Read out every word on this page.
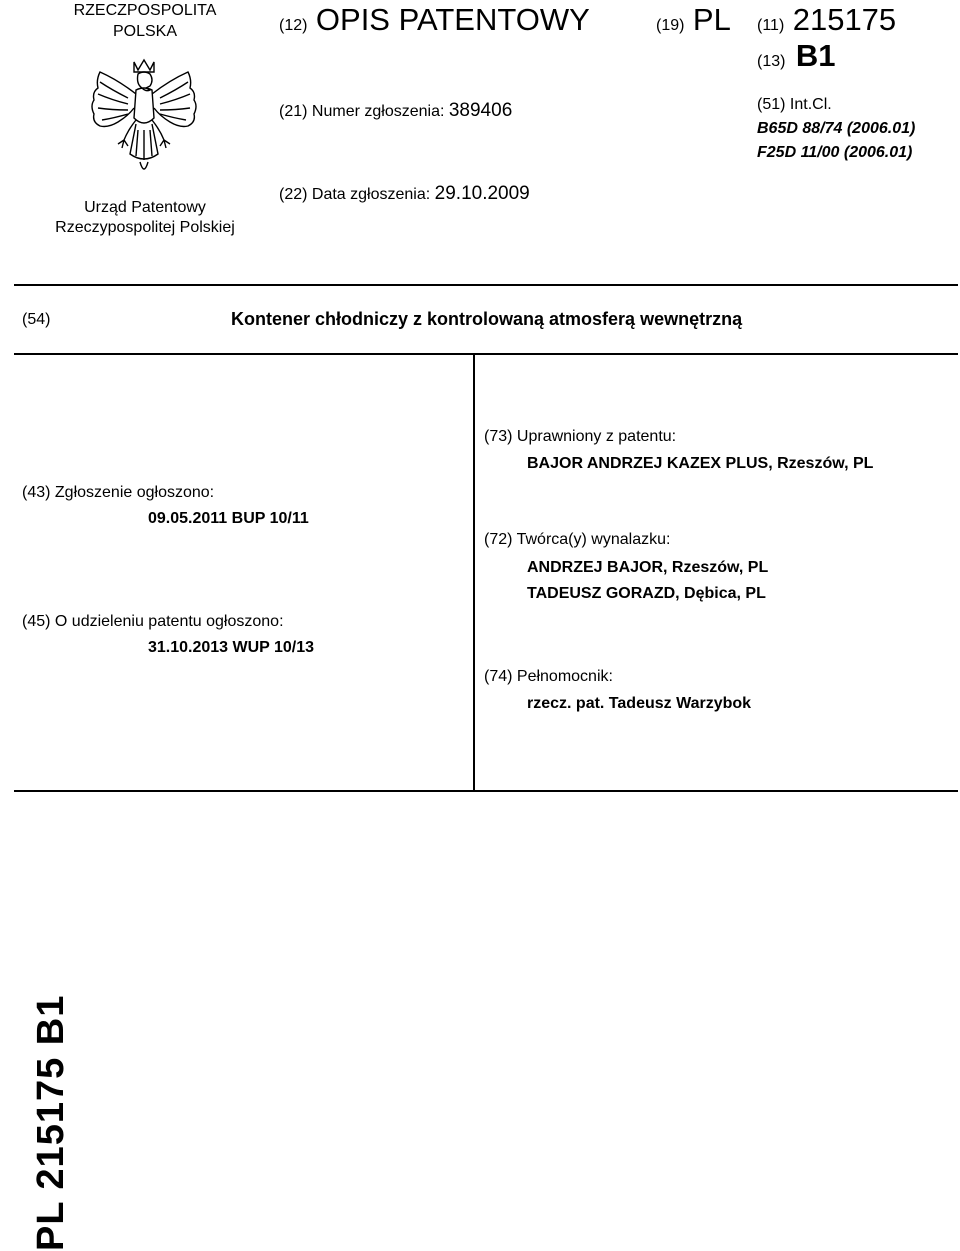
RZECZPOSPOLITA POLSKA
Urząd Patentowy Rzeczypospolitej Polskiej
(12) OPIS PATENTOWY	(19) PL (11) 215175
(13) B1
(21) Numer zgłoszenia: 389406	(51) Int.Cl.
B65D 88/74 (2006.01)
F25D 11/00 (2006.01)
(22) Data zgłoszenia: 29.10.2009
(54)	Kontener chłodniczy z kontrolowaną atmosferą wewnętrzną
(43) Zgłoszenie ogłoszono:
09.05.2011 BUP 10/11
(45) O udzieleniu patentu ogłoszono:
31.10.2013 WUP 10/13
(73) Uprawniony z patentu:
BAJOR ANDRZEJ KAZEX PLUS, Rzeszów, PL
(72) Twórca(y) wynalazku:
ANDRZEJ BAJOR, Rzeszów, PL
TADEUSZ GORAZD, Dębica, PL
(74) Pełnomocnik:
rzecz. pat. Tadeusz Warzybok
PL 215175 B1
